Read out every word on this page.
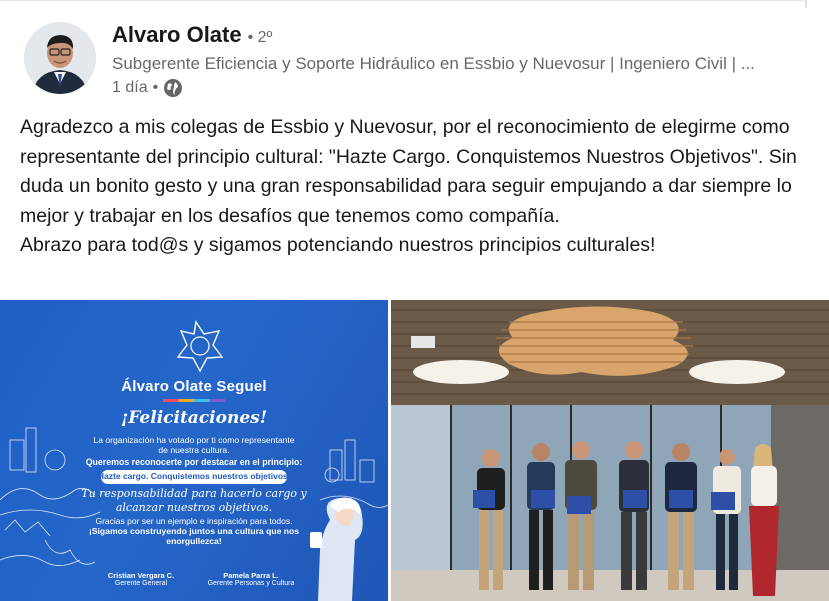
Alvaro Olate • 2º
Subgerente Eficiencia y Soporte Hidráulico en Essbio y Nuevosur | Ingeniero Civil | ...
1 día •

Agradezco a mis colegas de Essbio y Nuevosur, por el reconocimiento de elegirme como representante del principio cultural: "Hazte Cargo. Conquistemos Nuestros Objetivos". Sin duda un bonito gesto y una gran responsabilidad para seguir empujando a dar siempre lo mejor y trabajar en los desafíos que tenemos como compañía.

Abrazo para tod@s y sigamos potenciando nuestros principios culturales!

Álvaro Olate Seguel
¡Felicitaciones!
La organización ha votado por ti como representante
de nuestra cultura.
Queremos reconocerte por destacar en el principio:
Hazte cargo. Conquistemos nuestros objetivos.
Tu responsabilidad para hacerlo cargo y
alcanzar nuestros objetivos.
Gracias por ser un ejemplo e inspiración para todos.
¡Sigamos construyendo juntos una cultura que nos
enorgullezca!
Cristian Vergara C.
Gerente General
Pamela Parra L.
Gerente Personas y Cultura
